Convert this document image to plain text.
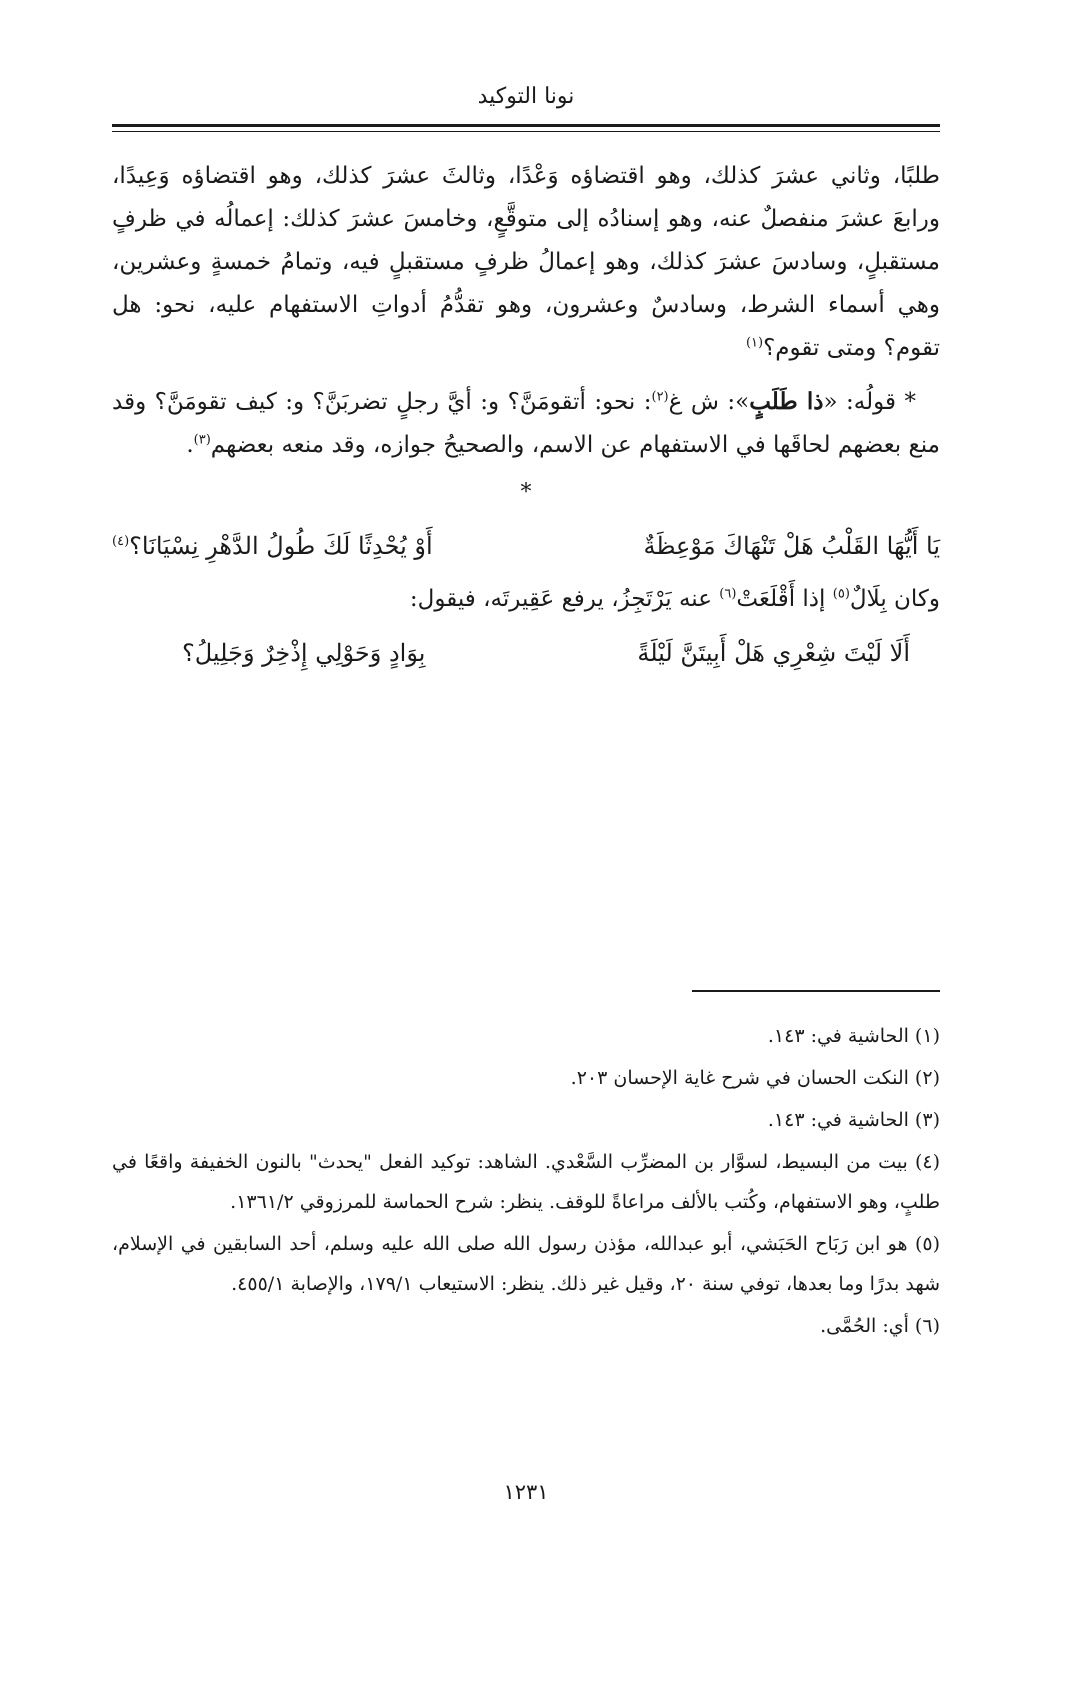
نونا التوكيد

طلبًا، وثاني عشرَ كذلك، وهو اقتضاؤه وَعْدًا، وثالثَ عشرَ كذلك، وهو اقتضاؤه وَعِيدًا، ورابعَ عشرَ منفصلٌ عنه، وهو إسنادُه إلى متوقَّعٍ، وخامسَ عشرَ كذلك: إعمالُه في ظرفٍ مستقبلٍ، وسادسَ عشرَ كذلك، وهو إعمالُ ظرفٍ مستقبلٍ فيه، وتمامُ خمسةٍ وعشرين، وهي أسماء الشرط، وسادسٌ وعشرون، وهو تقدُّمُ أدواتِ الاستفهام عليه، نحو: هل تقوم؟ ومتى تقوم؟$^{(١)}$

* قولُه: «ذا طَلَبٍ»: ش غ$^{(٢)}$: نحو: أتقومَنَّ؟ و: أيَّ رجلٍ تضربَنَّ؟ و: كيف تقومَنَّ؟ وقد منع بعضهم لحاقَها في الاستفهام عن الاسم، والصحيحُ جوازه، وقد منعه بعضهم$^{(٣)}$.

*

يَا أَيُّهَا القَلْبُ هَلْ تَنْهَاكَ مَوْعِظَةٌ
أَوْ يُحْدِثًا لَكَ طُولُ الدَّهْرِ نِسْيَانَا؟$^{(٤)}$

وكان بِلَالٌ$^{(٥)}$ إذا أَقْلَعَتْ$^{(٦)}$ عنه يَرْتَجِزُ، يرفع عَقِيرتَه، فيقول:

أَلَا لَيْتَ شِعْرِي هَلْ أَبِيتَنَّ لَيْلَةً
بِوَادٍ وَحَوْلِي إِذْخِرٌ وَجَلِيلُ؟

(١) الحاشية في: ١٤٣.

(٢) النكت الحسان في شرح غاية الإحسان ٢٠٣.

(٣) الحاشية في: ١٤٣.

(٤) بيت من البسيط، لسوَّار بن المضرِّب السَّعْدي. الشاهد: توكيد الفعل "يحدث" بالنون الخفيفة واقعًا في طلبٍ، وهو الاستفهام، وكُتب بالألف مراعاةً للوقف. ينظر: شرح الحماسة للمرزوقي ١٣٦١/٢.

(٥) هو ابن رَبَاح الحَبَشي، أبو عبدالله، مؤذن رسول الله صلى الله عليه وسلم، أحد السابقين في الإسلام، شهد بدرًا وما بعدها، توفي سنة ٢٠، وقيل غير ذلك. ينظر: الاستيعاب ١٧٩/١، والإصابة ٤٥٥/١.

(٦) أي: الحُمَّى.

١٢٣١
